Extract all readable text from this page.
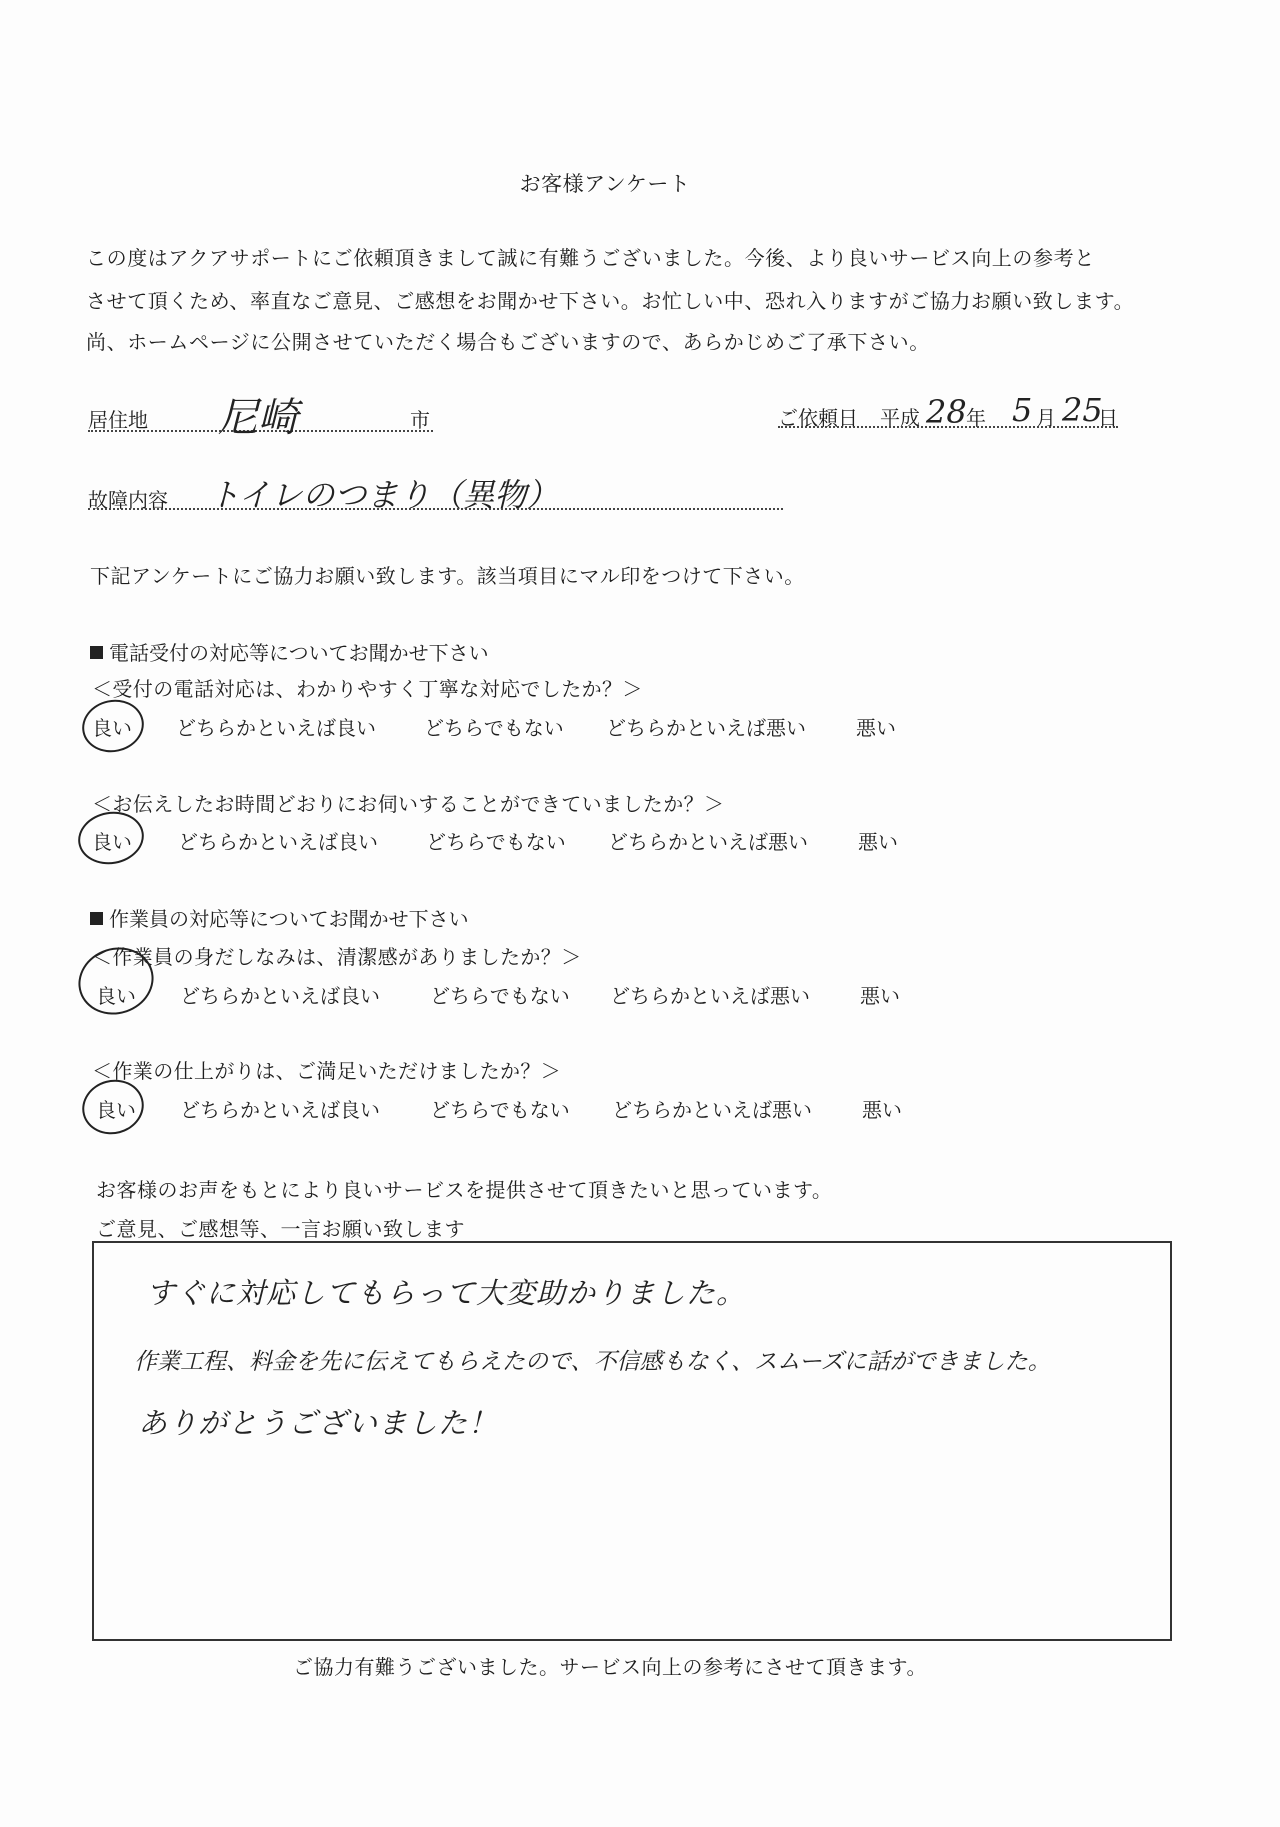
お客様アンケート
この度はアクアサポートにご依頼頂きまして誠に有難うございました。今後、より良いサービス向上の参考と
させて頂くため、率直なご意見、ご感想をお聞かせ下さい。お忙しい中、恐れ入りますがご協力お願い致します。
尚、ホームページに公開させていただく場合もございますので、あらかじめご了承下さい。
居住地 尼崎	市	ご依頼日 平成 28 年 5 月 25
日
故障内容 トイレのつまり（異物）
下記アンケートにご協力お願い致します。該当項目にマル印をつけて下さい。
電話受付の対応等についてお聞かせ下さい
＜受付の電話対応は、わかりやすく丁寧な対応でしたか？＞
良い どちらかといえば良い どちらでもない どちらかといえば悪い	悪い
＜お伝えしたお時間どおりにお伺いすることができていましたか？＞
良い どちらかといえば良い どちらでもない どちらかといえば悪い	悪い
作業員の対応等についてお聞かせ下さい
＜作業員の身だしなみは、清潔感がありましたか？＞
良い どちらかといえば良い	どちらでもない どちらかといえば悪い	悪い
＜作業の仕上がりは、ご満足いただけましたか？＞
良い どちらかといえば良い	どちらでもない どちらかといえば悪い	悪い
お客様のお声をもとにより良いサービスを提供させて頂きたいと思っています。
ご意見、ご感想等、一言お願い致します
すぐに対応してもらって大変助かりました。
作業工程、料金を先に伝えてもらえたので、不信感もなく、スムーズに話ができました。
ありがとうございました！
ご協力有難うございました。サービス向上の参考にさせて頂きます。
